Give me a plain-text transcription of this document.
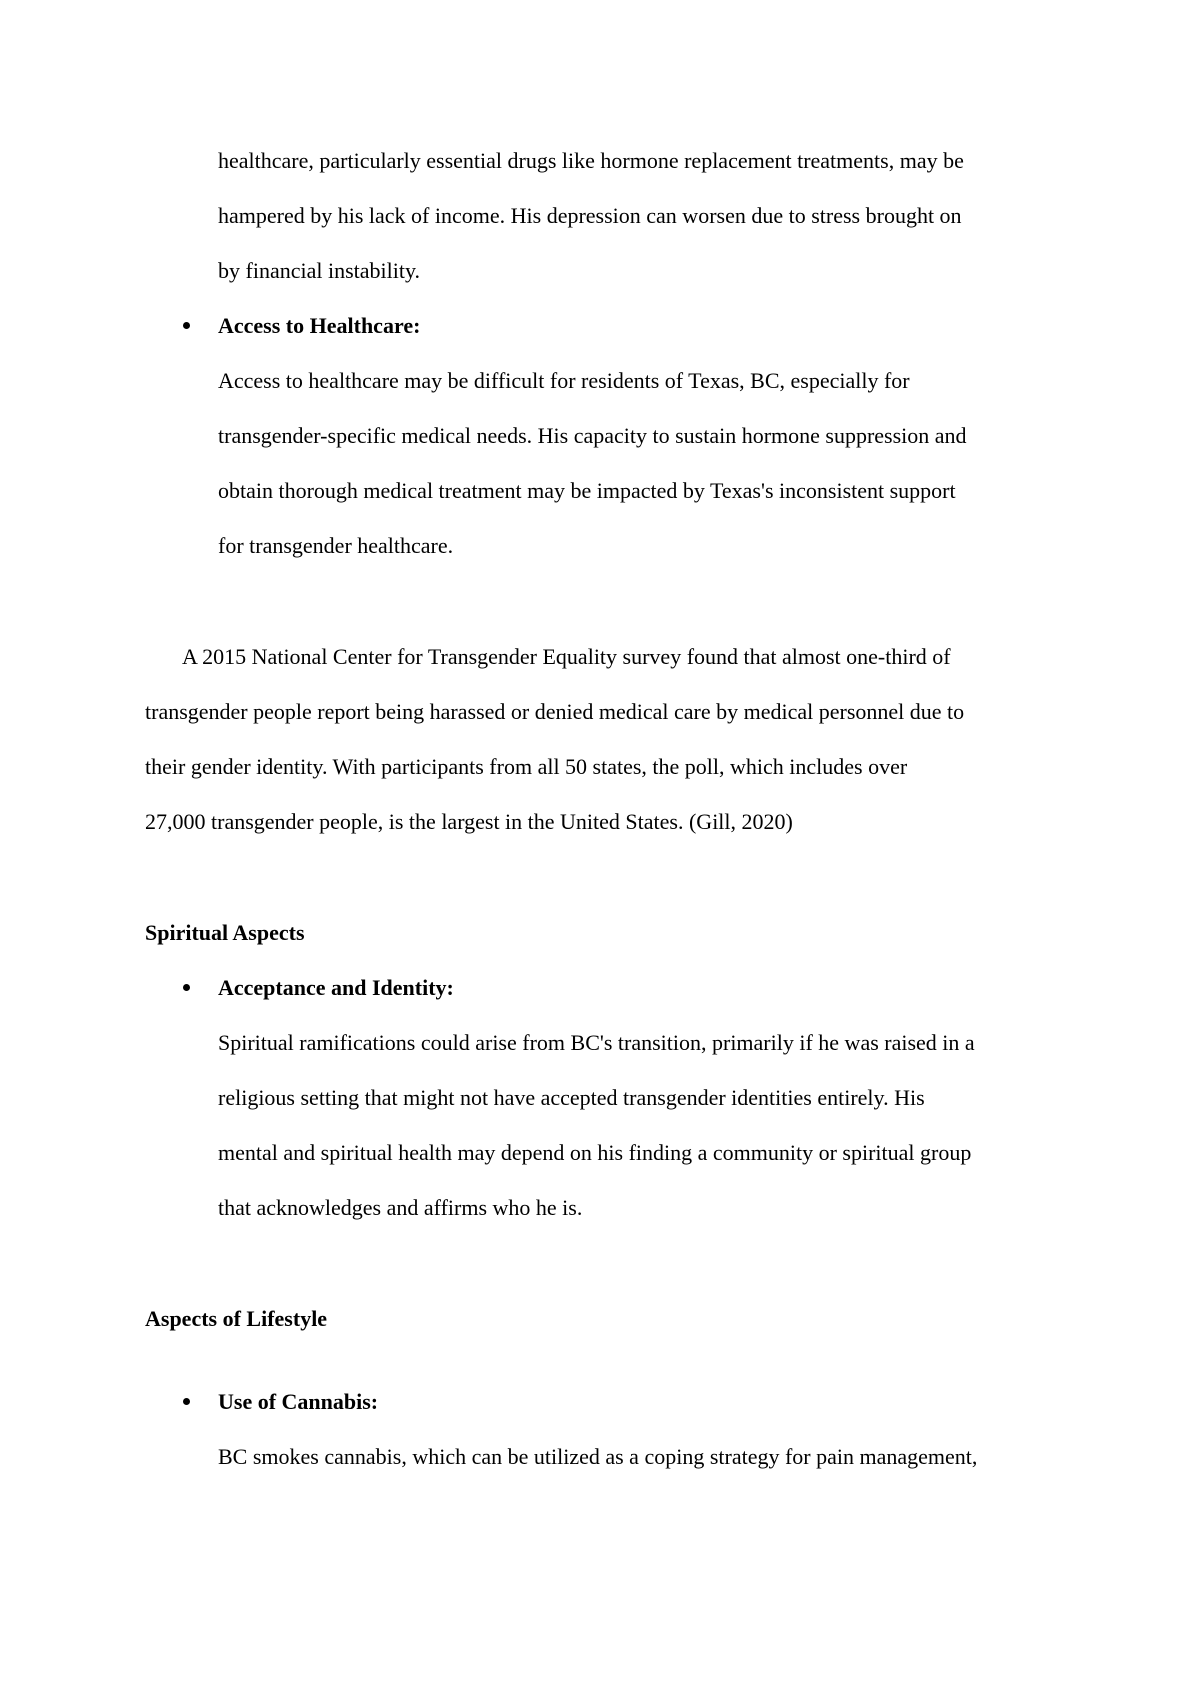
healthcare, particularly essential drugs like hormone replacement treatments, may be
hampered by his lack of income. His depression can worsen due to stress brought on
by financial instability.
Access to Healthcare:
Access to healthcare may be difficult for residents of Texas, BC, especially for
transgender-specific medical needs. His capacity to sustain hormone suppression and
obtain thorough medical treatment may be impacted by Texas's inconsistent support
for transgender healthcare.
A 2015 National Center for Transgender Equality survey found that almost one-third of
transgender people report being harassed or denied medical care by medical personnel due to
their gender identity. With participants from all 50 states, the poll, which includes over
27,000 transgender people, is the largest in the United States. (Gill, 2020)
Spiritual Aspects
Acceptance and Identity:
Spiritual ramifications could arise from BC's transition, primarily if he was raised in a
religious setting that might not have accepted transgender identities entirely. His
mental and spiritual health may depend on his finding a community or spiritual group
that acknowledges and affirms who he is.
Aspects of Lifestyle
Use of Cannabis:
BC smokes cannabis, which can be utilized as a coping strategy for pain management,
